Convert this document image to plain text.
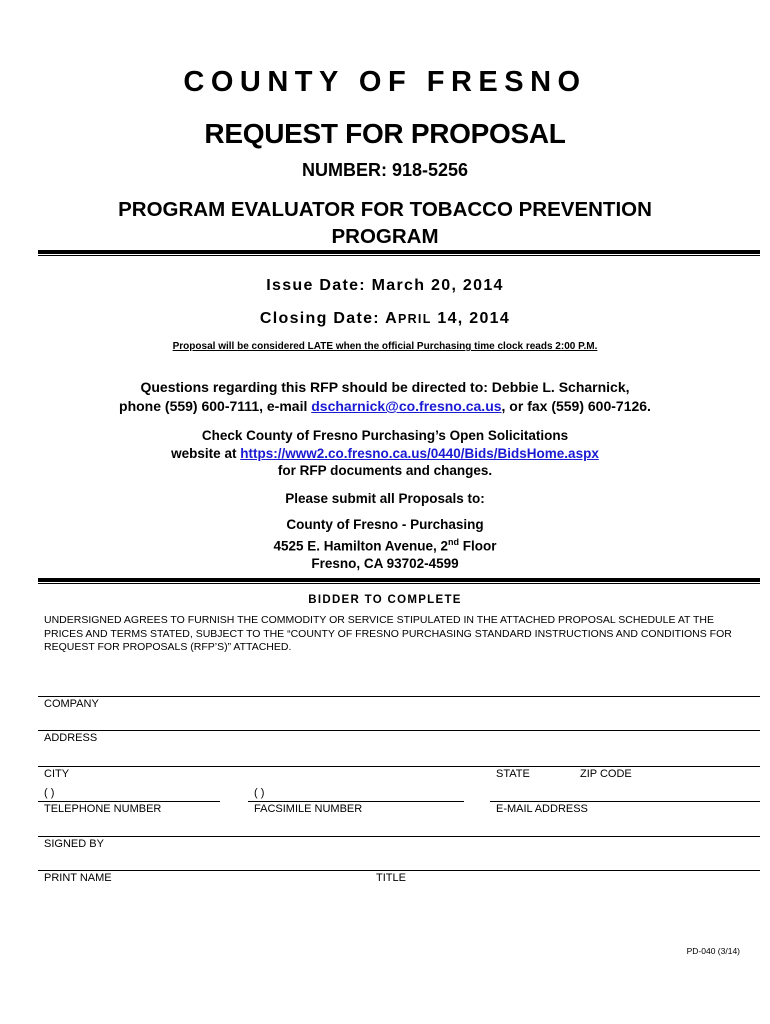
COUNTY OF FRESNO
REQUEST FOR PROPOSAL
NUMBER: 918-5256
PROGRAM EVALUATOR FOR TOBACCO PREVENTION
PROGRAM
Issue Date: March 20, 2014
Closing Date: APRIL 14, 2014
Proposal will be considered LATE when the official Purchasing time clock reads 2:00 P.M.
Questions regarding this RFP should be directed to: Debbie L. Scharnick,
phone (559) 600-7111, e-mail dscharnick@co.fresno.ca.us, or fax (559) 600-7126.
Check County of Fresno Purchasing’s Open Solicitations
website at https://www2.co.fresno.ca.us/0440/Bids/BidsHome.aspx
for RFP documents and changes.
Please submit all Proposals to:
County of Fresno - Purchasing
4525 E. Hamilton Avenue, 2nd Floor
Fresno, CA 93702-4599
BIDDER TO COMPLETE
UNDERSIGNED AGREES TO FURNISH THE COMMODITY OR SERVICE STIPULATED IN THE ATTACHED PROPOSAL SCHEDULE AT THE PRICES AND TERMS STATED, SUBJECT TO THE “COUNTY OF FRESNO PURCHASING STANDARD INSTRUCTIONS AND CONDITIONS FOR REQUEST FOR PROPOSALS (RFP’S)” ATTACHED.
COMPANY
ADDRESS
CITY	STATE	ZIP CODE
( )	( )
TELEPHONE NUMBER	FACSIMILE NUMBER	E-MAIL ADDRESS
SIGNED BY
PRINT NAME	TITLE
PD-040 (3/14)
